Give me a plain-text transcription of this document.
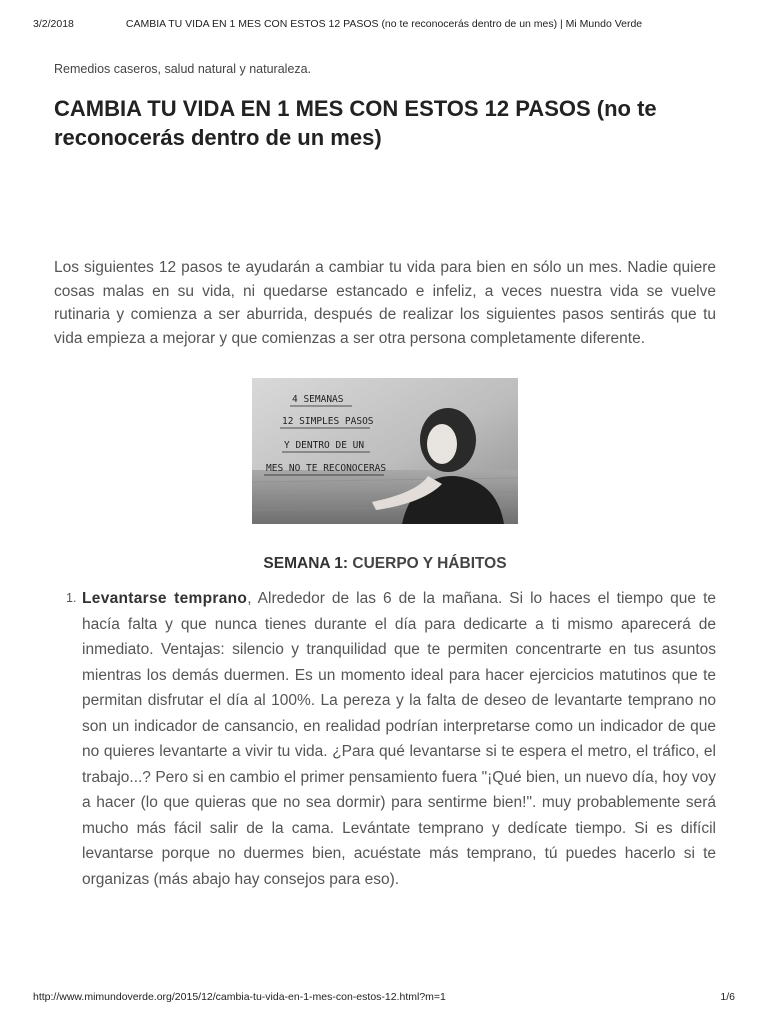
3/2/2018	CAMBIA TU VIDA EN 1 MES CON ESTOS 12 PASOS (no te reconocerás dentro de un mes) | Mi Mundo Verde

Remedios caseros, salud natural y naturaleza.

CAMBIA TU VIDA EN 1 MES CON ESTOS 12 PASOS (no te reconocerás dentro de un mes)

Los siguientes 12 pasos te ayudarán a cambiar tu vida para bien en sólo un mes. Nadie quiere cosas malas en su vida, ni quedarse estancado e infeliz, a veces nuestra vida se vuelve rutinaria y comienza a ser aburrida, después de realizar los siguientes pasos sentirás que tu vida empieza a mejorar y que comienzas a ser otra persona completamente diferente.

4 SEMANAS
12 SIMPLES PASOS
Y DENTRO DE UN
MES NO TE RECONOCERAS
SEMANA 1: CUERPO Y HÁBITOS
1. Levantarse temprano, Alrededor de las 6 de la mañana. Si lo haces el tiempo que te hacía falta y que nunca tienes durante el día para dedicarte a ti mismo aparecerá de inmediato. Ventajas: silencio y tranquilidad que te permiten concentrarte en tus asuntos mientras los demás duermen. Es un momento ideal para hacer ejercicios matutinos que te permitan disfrutar el día al 100%. La pereza y la falta de deseo de levantarte temprano no son un indicador de cansancio, en realidad podrían interpretarse como un indicador de que no quieres levantarte a vivir tu vida. ¿Para qué levantarse si te espera el metro, el tráfico, el trabajo...? Pero si en cambio el primer pensamiento fuera "¡Qué bien, un nuevo día, hoy voy a hacer (lo que quieras que no sea dormir) para sentirme bien!". muy probablemente será mucho más fácil salir de la cama. Levántate temprano y dedícate tiempo. Si es difícil levantarse porque no duermes bien, acuéstate más temprano, tú puedes hacerlo si te organizas (más abajo hay consejos para eso).
http://www.mimundoverde.org/2015/12/cambia-tu-vida-en-1-mes-con-estos-12.html?m=1	1/6
